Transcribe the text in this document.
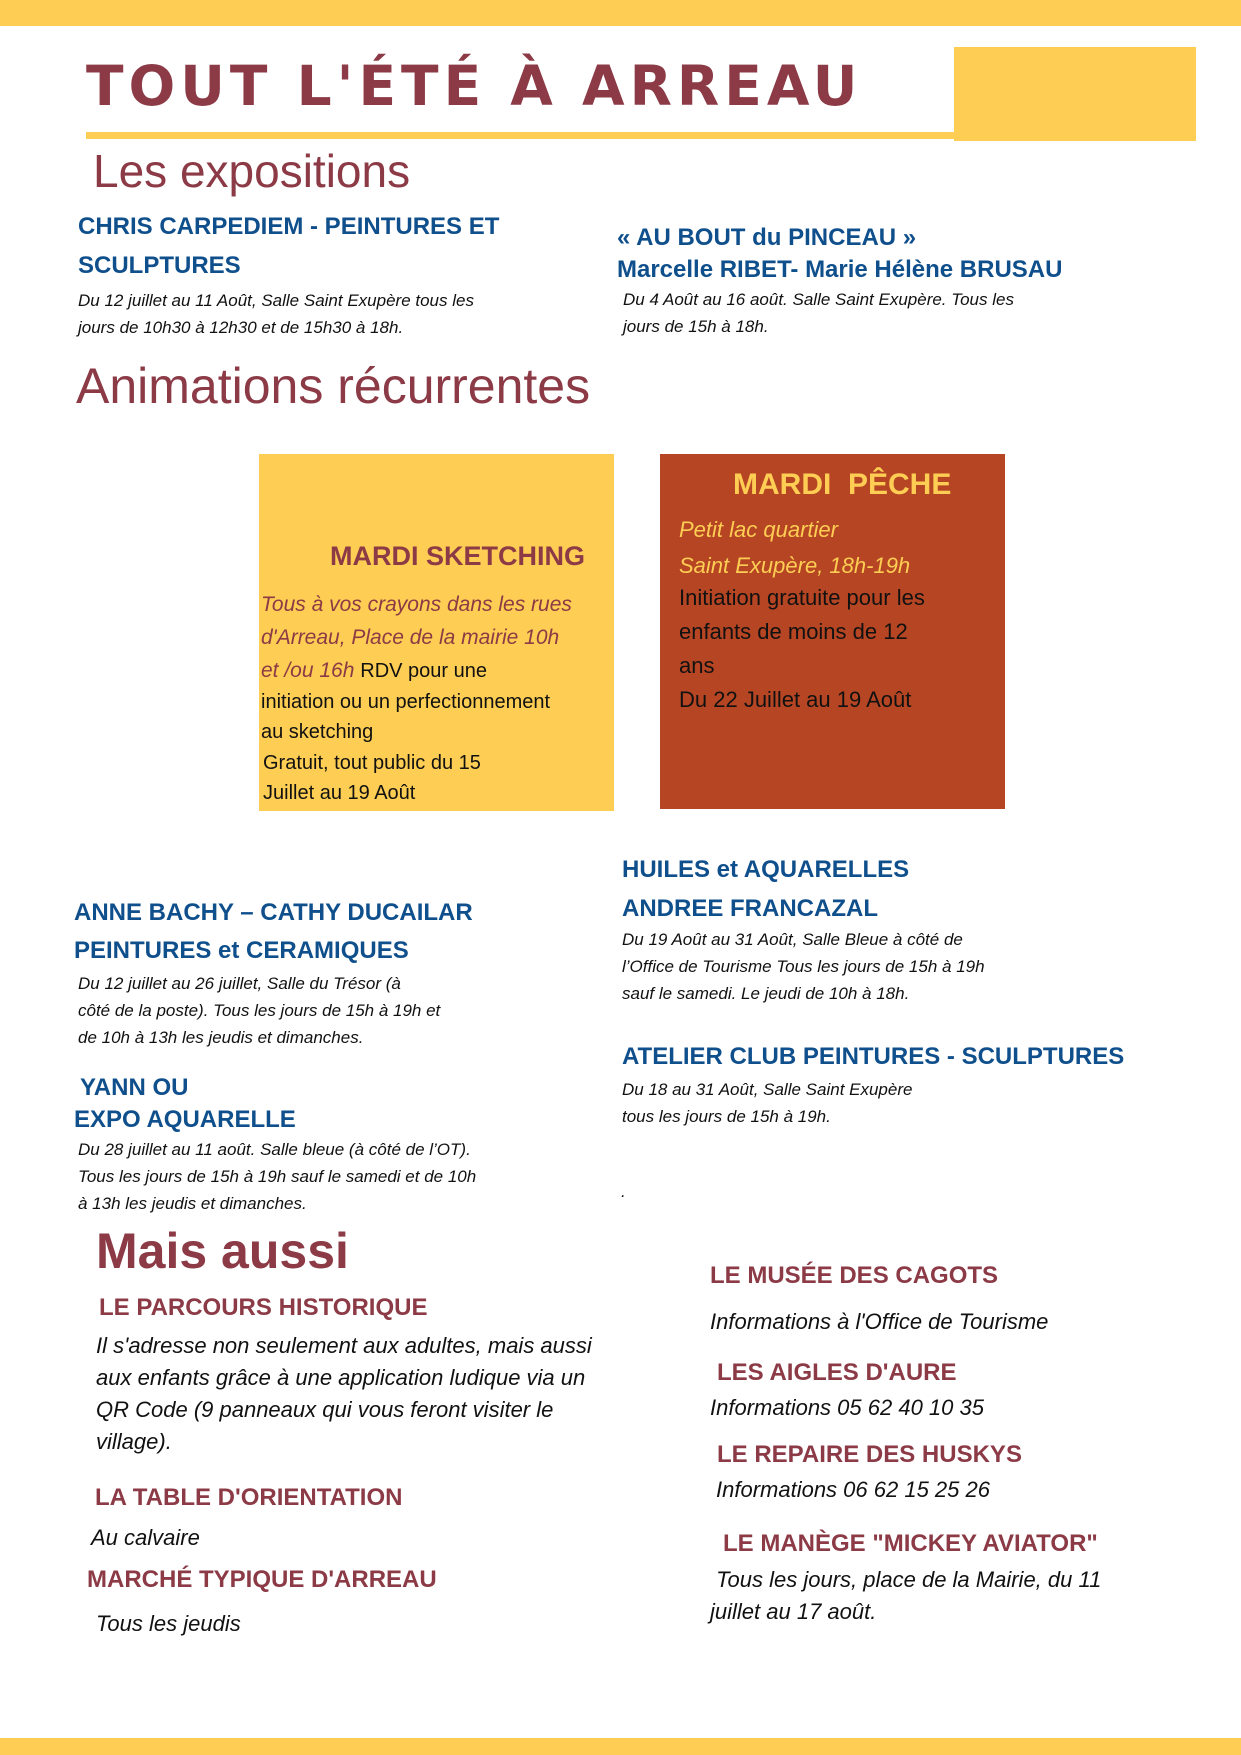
TOUT L'ÉTÉ À ARREAU
Les expositions
CHRIS CARPEDIEM - PEINTURES ET
SCULPTURES
Du 12 juillet au 11 Août, Salle Saint Exupère tous les
jours de 10h30 à 12h30 et de 15h30 à 18h.
« AU BOUT du PINCEAU »
Marcelle RIBET- Marie Hélène BRUSAU
Du 4 Août au 16 août. Salle Saint Exupère. Tous les
jours de 15h à 18h.
Animations récurrentes
MARDI SKETCHING
Tous à vos crayons dans les rues
d'Arreau, Place de la mairie 10h
et /ou 16h RDV pour une
initiation ou un perfectionnement
au sketching
Gratuit, tout public du 15
Juillet au 19 Août
MARDI  PÊCHE
Petit lac quartier
Saint Exupère, 18h-19h
Initiation gratuite pour les
enfants de moins de 12
ans
Du 22 Juillet au 19 Août
ANNE BACHY – CATHY DUCAILAR
PEINTURES et CERAMIQUES
Du 12 juillet au 26 juillet, Salle du Trésor (à
côté de la poste). Tous les jours de 15h à 19h et
de 10h à 13h les jeudis et dimanches.
YANN OU
EXPO AQUARELLE
Du 28 juillet au 11 août. Salle bleue (à côté de l’OT).
Tous les jours de 15h à 19h sauf le samedi et de 10h
à 13h les jeudis et dimanches.
HUILES et AQUARELLES
ANDREE FRANCAZAL
Du 19 Août au 31 Août, Salle Bleue à côté de
l’Office de Tourisme Tous les jours de 15h à 19h
sauf le samedi. Le jeudi de 10h à 18h.
ATELIER CLUB PEINTURES - SCULPTURES
Du 18 au 31 Août, Salle Saint Exupère
tous les jours de 15h à 19h.
.
Mais aussi
LE PARCOURS HISTORIQUE
Il s'adresse non seulement aux adultes, mais aussi
aux enfants grâce à une application ludique via un
QR Code (9 panneaux qui vous feront visiter le
village).
LA TABLE D'ORIENTATION
Au calvaire
MARCHÉ TYPIQUE D'ARREAU
Tous les jeudis
LE MUSÉE DES CAGOTS
Informations à l'Office de Tourisme
LES AIGLES D'AURE
Informations 05 62 40 10 35
LE REPAIRE DES HUSKYS
Informations 06 62 15 25 26
LE MANÈGE "MICKEY AVIATOR"
Tous les jours, place de la Mairie, du 11
juillet au 17 août.
